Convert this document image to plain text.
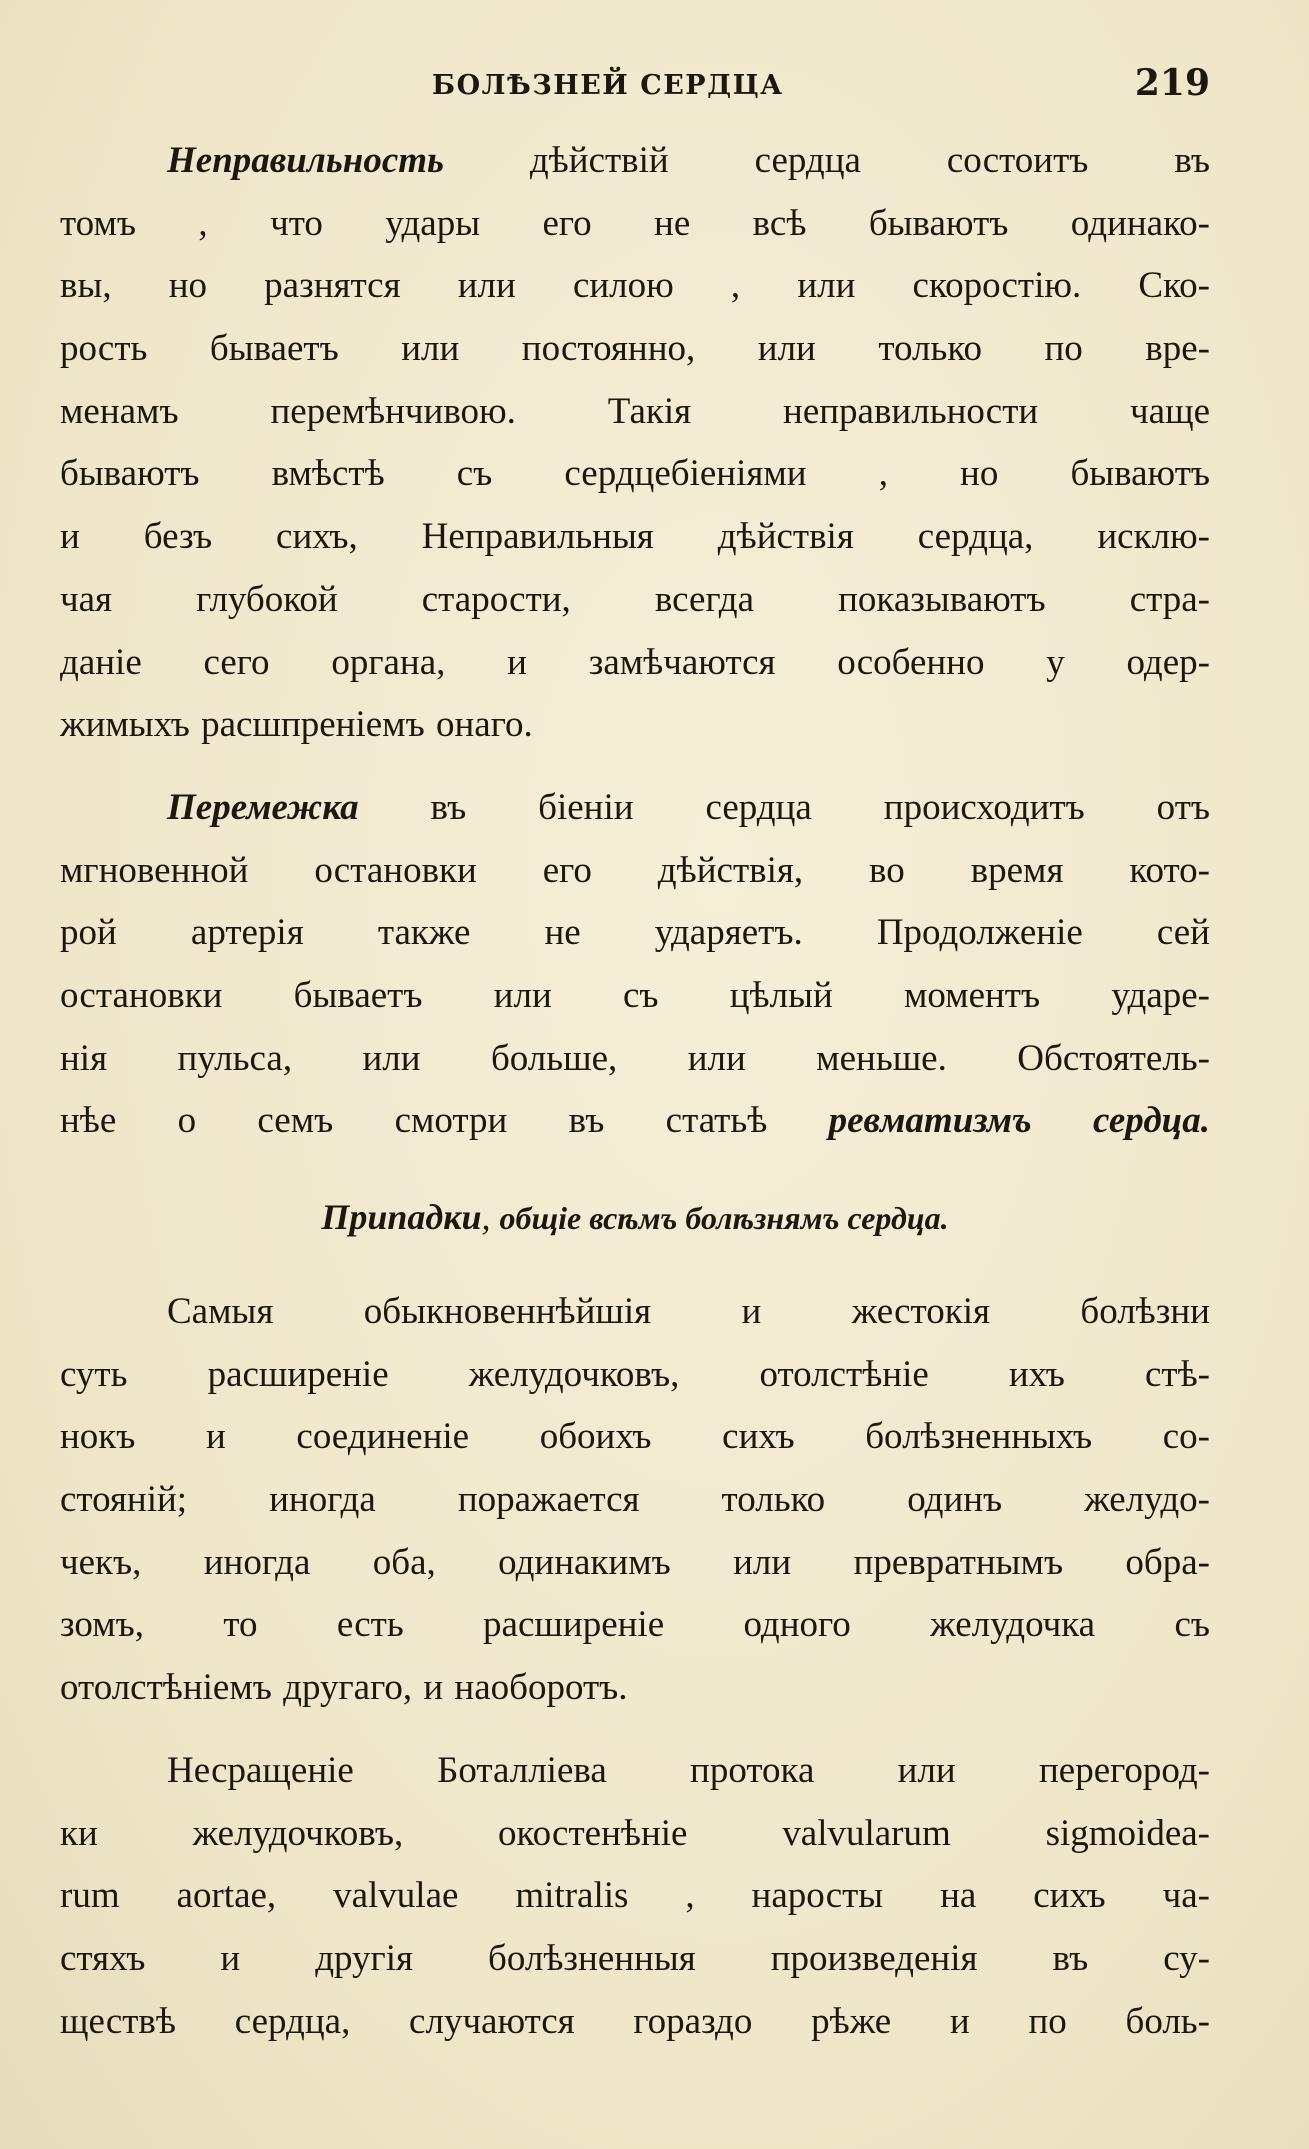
БОЛѢЗНЕЙ СЕРДЦА	219
Неправильность дѣйствій сердца состоитъ въ
томъ , что удары его не всѣ бываютъ одинако-
вы, но разнятся или силою , или скоростію. Ско-
рость бываетъ или постоянно, или только по вре-
менамъ перемѣнчивою. Такія неправильности чаще
бываютъ вмѣстѣ съ сердцебіеніями , но бываютъ
и безъ сихъ, Неправильныя дѣйствія сердца, исклю-
чая глубокой старости, всегда показываютъ стра-
даніе сего органа, и замѣчаются особенно у одер-
жимыхъ расшпреніемъ онаго.
Перемежка въ біеніи сердца происходитъ отъ
мгновенной остановки его дѣйствія, во время кото-
рой артерія также не ударяетъ. Продолженіе сей
остановки бываетъ или съ цѣлый моментъ ударе-
нія пульса, или больше, или меньше. Обстоятель-
нѣе о семъ смотри въ статьѣ ревматизмъ сердца.
Припадки, общіе всѣмъ болѣзнямъ сердца.
Самыя обыкновеннѣйшія и жестокія болѣзни
суть расширеніе желудочковъ, отолстѣніе ихъ стѣ-
нокъ и соединеніе обоихъ сихъ болѣзненныхъ со-
стояній; иногда поражается только одинъ желудо-
чекъ, иногда оба, одинакимъ или превратнымъ обра-
зомъ, то есть расширеніе одного желудочка съ
отолстѣніемъ другаго, и наоборотъ.
Несращеніе Боталліева протока или перегород-
ки желудочковъ, окостенѣніе valvularum sigmoidea-
rum aortae, valvulae mitralis , наросты на сихъ ча-
стяхъ и другія болѣзненныя произведенія въ су-
ществѣ сердца, случаются гораздо рѣже и по боль-
